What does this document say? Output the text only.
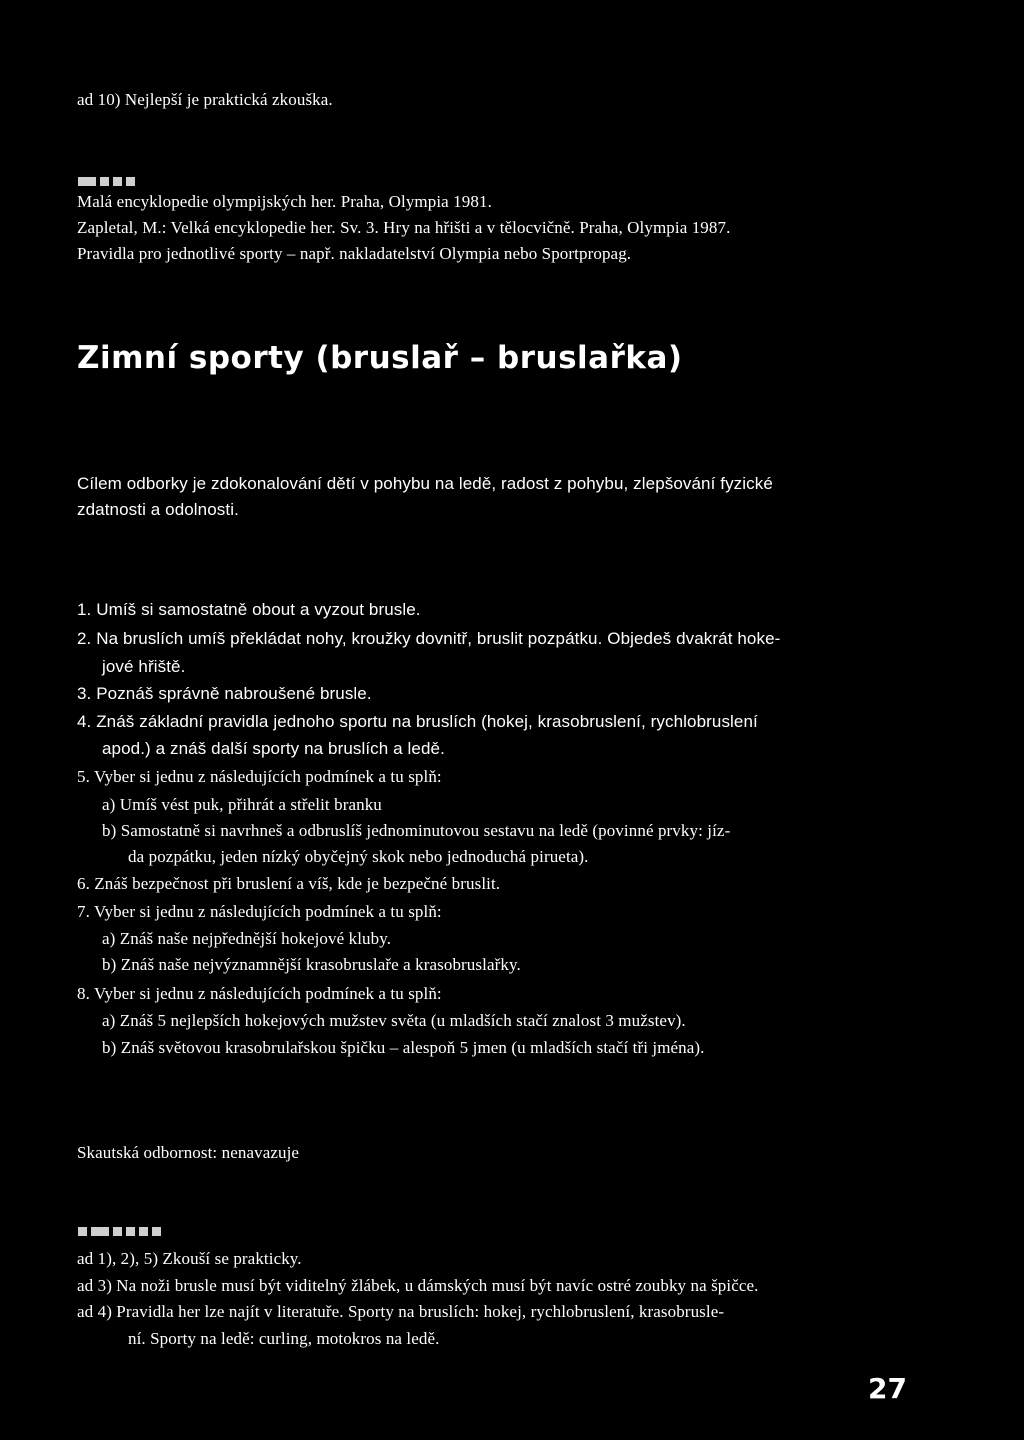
ad 10) Nejlepší je praktická zkouška.
Malá encyklopedie olympijských her. Praha, Olympia 1981.
Zapletal, M.: Velká encyklopedie her. Sv. 3. Hry na hřišti a v tělocvičně. Praha, Olympia 1987.
Pravidla pro jednotlivé sporty – např. nakladatelství Olympia nebo Sportpropag.
Zimní sporty (bruslař – bruslařka)
Cílem odborky je zdokonalování dětí v pohybu na ledě, radost z pohybu, zlepšování fyzické
zdatnosti a odolnosti.
1. Umíš si samostatně obout a vyzout brusle.
2. Na bruslích umíš překládat nohy, kroužky dovnitř, bruslit pozpátku. Objedeš dvakrát hoke-
jové hřiště.
3. Poznáš správně nabroušené brusle.
4. Znáš základní pravidla jednoho sportu na bruslích (hokej, krasobruslení, rychlobruslení
apod.) a znáš další sporty na bruslích a ledě.
5. Vyber si jednu z následujících podmínek a tu splň:
a) Umíš vést puk, přihrát a střelit branku
b) Samostatně si navrhneš a odbruslíš jednominutovou sestavu na ledě (povinné prvky: jíz-
da pozpátku, jeden nízký obyčejný skok nebo jednoduchá pirueta).
6. Znáš bezpečnost při bruslení a víš, kde je bezpečné bruslit.
7. Vyber si jednu z následujících podmínek a tu splň:
a) Znáš naše nejpřednější hokejové kluby.
b) Znáš naše nejvýznamnější krasobruslaře a krasobruslařky.
8. Vyber si jednu z následujících podmínek a tu splň:
a) Znáš 5 nejlepších hokejových mužstev světa (u mladších stačí znalost 3 mužstev).
b) Znáš světovou krasobrulařskou špičku – alespoň 5 jmen (u mladších stačí tři jména).
Skautská odbornost: nenavazuje
ad 1), 2), 5) Zkouší se prakticky.
ad 3) Na noži brusle musí být viditelný žlábek, u dámských musí být navíc ostré zoubky na špičce.
ad 4) Pravidla her lze najít v literatuře. Sporty na bruslích: hokej, rychlobruslení, krasobrusle-
ní. Sporty na ledě: curling, motokros na ledě.
27
